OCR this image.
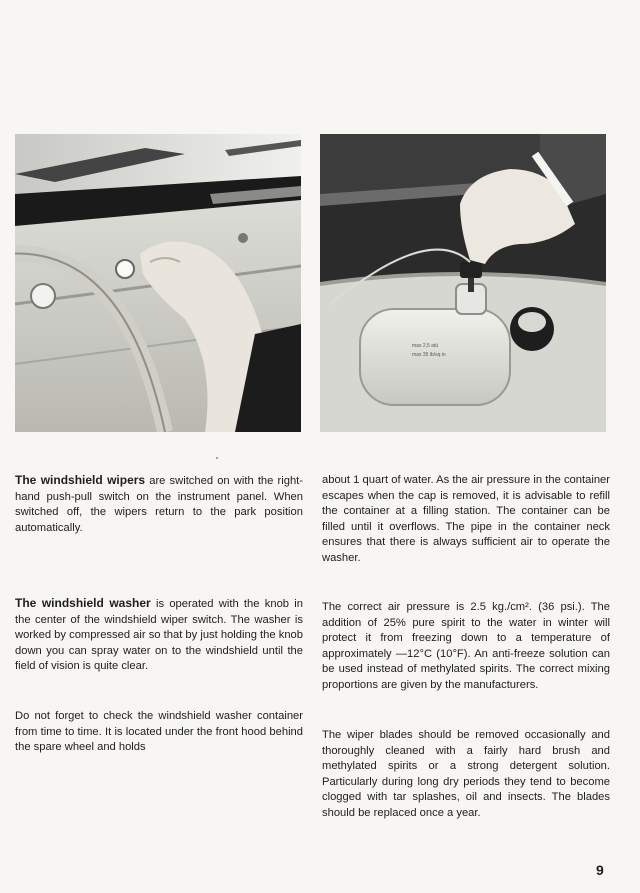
max 2,5 atü
max 35 lb/sq in

The windshield wipers are switched on with the right-hand push-pull switch on the instrument panel. When switched off, the wipers return to the park position automatically.

The windshield washer is operated with the knob in the center of the windshield wiper switch. The washer is worked by compressed air so that by just holding the knob down you can spray water on to the windshield until the field of vision is quite clear.

Do not forget to check the windshield washer container from time to time. It is located under the front hood behind the spare wheel and holds

about 1 quart of water. As the air pressure in the container escapes when the cap is removed, it is advisable to refill the container at a filling station. The container can be filled until it overflows. The pipe in the container neck ensures that there is always sufficient air to operate the washer.

The correct air pressure is 2.5 kg./cm². (36 psi.). The addition of 25% pure spirit to the water in winter will protect it from freezing down to a temperature of approximately —12°C (10°F). An anti-freeze solution can be used instead of methylated spirits. The correct mixing proportions are given by the manufacturers.

The wiper blades should be removed occasionally and thoroughly cleaned with a fairly hard brush and methylated spirits or a strong detergent solution. Particularly during long dry periods they tend to become clogged with tar splashes, oil and insects. The blades should be replaced once a year.

9
